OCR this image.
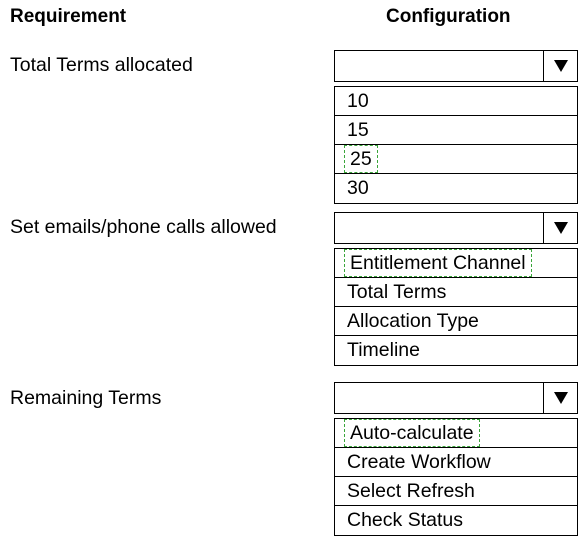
Requirement	Configuration
Total Terms allocated
10
15
25
30
Set emails/phone calls allowed
Entitlement Channel
Total Terms
Allocation Type
Timeline
Remaining Terms
Auto-calculate
Create Workflow
Select Refresh
Check Status
